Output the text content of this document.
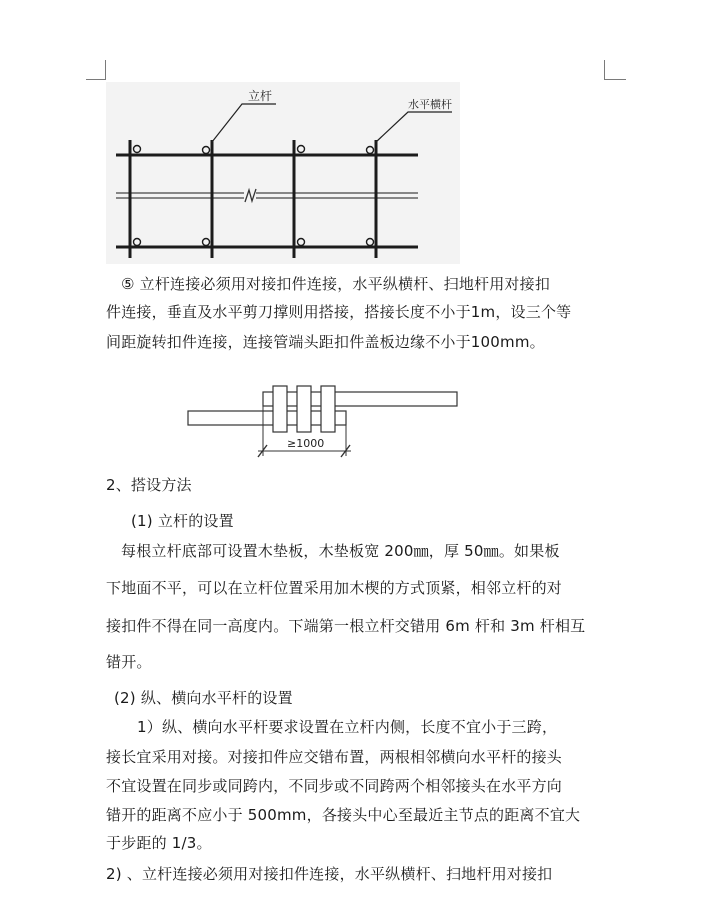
立杆
水平横杆
⑤ 立杆连接必须用对接扣件连接，水平纵横杆、扫地杆用对接扣
件连接，垂直及水平剪刀撑则用搭接，搭接长度不小于1m，设三个等
间距旋转扣件连接，连接管端头距扣件盖板边缘不小于100mm。
≥1000
2、搭设方法
(1) 立杆的设置
每根立杆底部可设置木垫板，木垫板宽 200㎜，厚 50㎜。如果板
下地面不平，可以在立杆位置采用加木楔的方式顶紧，相邻立杆的对
接扣件不得在同一高度内。下端第一根立杆交错用 6m 杆和 3m 杆相互
错开。
(2) 纵、横向水平杆的设置
1）纵、横向水平杆要求设置在立杆内侧，长度不宜小于三跨，
接长宜采用对接。对接扣件应交错布置，两根相邻横向水平杆的接头
不宜设置在同步或同跨内，不同步或不同跨两个相邻接头在水平方向
错开的距离不应小于 500mm，各接头中心至最近主节点的距离不宜大
于步距的 1/3。
2) 、立杆连接必须用对接扣件连接，水平纵横杆、扫地杆用对接扣
